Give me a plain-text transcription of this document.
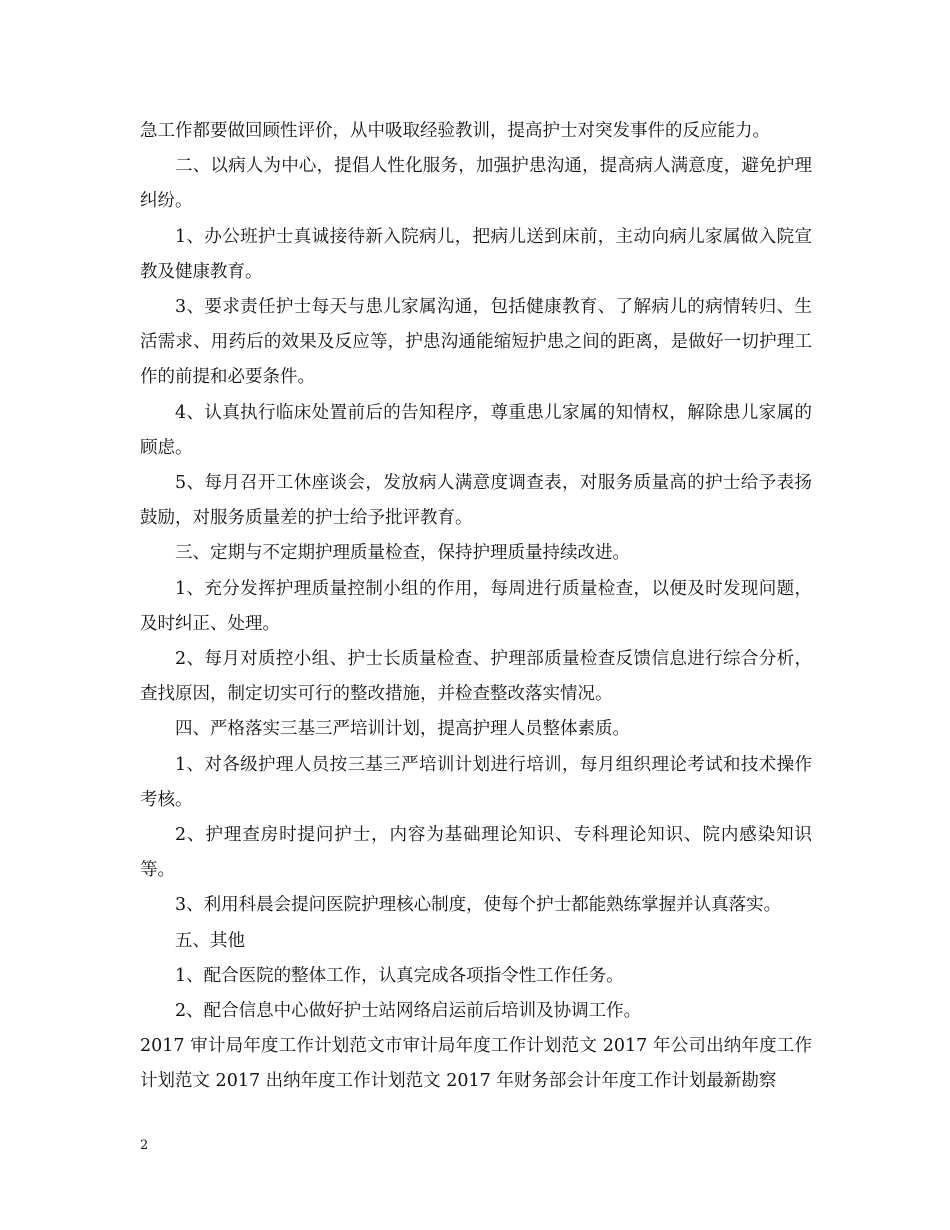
急工作都要做回顾性评价，从中吸取经验教训，提高护士对突发事件的反应能力。

二、以病人为中心，提倡人性化服务，加强护患沟通，提高病人满意度，避免护理纠纷。

1、办公班护士真诚接待新入院病儿，把病儿送到床前，主动向病儿家属做入院宣教及健康教育。

3、要求责任护士每天与患儿家属沟通，包括健康教育、了解病儿的病情转归、生活需求、用药后的效果及反应等，护患沟通能缩短护患之间的距离，是做好一切护理工作的前提和必要条件。

4、认真执行临床处置前后的告知程序，尊重患儿家属的知情权，解除患儿家属的顾虑。

5、每月召开工休座谈会，发放病人满意度调查表，对服务质量高的护士给予表扬鼓励，对服务质量差的护士给予批评教育。

三、定期与不定期护理质量检查，保持护理质量持续改进。

1、充分发挥护理质量控制小组的作用，每周进行质量检查，以便及时发现问题，及时纠正、处理。

2、每月对质控小组、护士长质量检查、护理部质量检查反馈信息进行综合分析，查找原因，制定切实可行的整改措施，并检查整改落实情况。

四、严格落实三基三严培训计划，提高护理人员整体素质。

1、对各级护理人员按三基三严培训计划进行培训，每月组织理论考试和技术操作考核。

2、护理查房时提问护士，内容为基础理论知识、专科理论知识、院内感染知识等。

3、利用科晨会提问医院护理核心制度，使每个护士都能熟练掌握并认真落实。

五、其他

1、配合医院的整体工作，认真完成各项指令性工作任务。

2、配合信息中心做好护士站网络启运前后培训及协调工作。

2017 审计局年度工作计划范文市审计局年度工作计划范文 2017 年公司出纳年度工作计划范文 2017 出纳年度工作计划范文 2017 年财务部会计年度工作计划最新勘察

2
